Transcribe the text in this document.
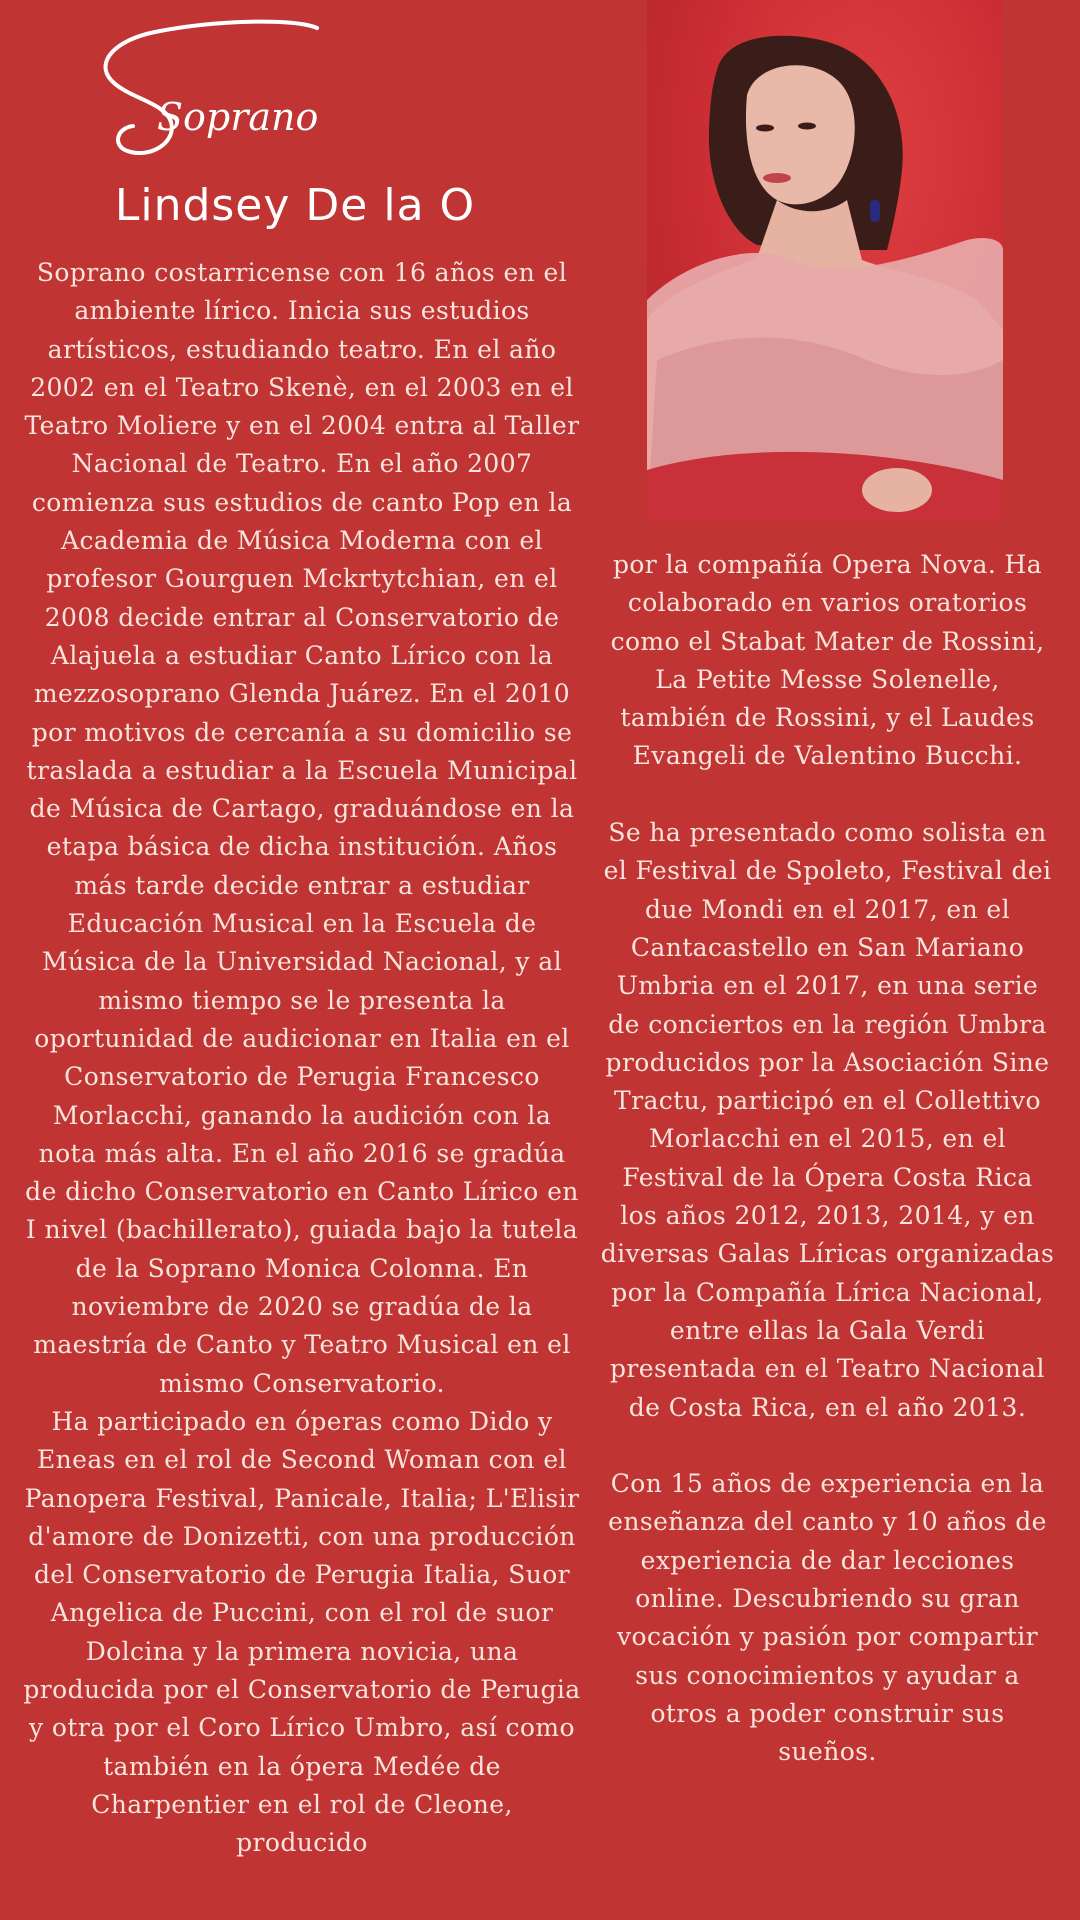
Soprano
Lindsey De la O

Soprano costarricense con 16 años en el ambiente lírico. Inicia sus estudios artísticos, estudiando teatro. En el año 2002 en el Teatro Skenè, en el 2003 en el Teatro Moliere y en el 2004 entra al Taller Nacional de Teatro. En el año 2007 comienza sus estudios de canto Pop en la Academia de Música Moderna con el profesor Gourguen Mckrtytchian, en el 2008 decide entrar al Conservatorio de Alajuela a estudiar Canto Lírico con la mezzosoprano Glenda Juárez. En el 2010 por motivos de cercanía a su domicilio se traslada a estudiar a la Escuela Municipal de Música de Cartago, graduándose en la etapa básica de dicha institución. Años más tarde decide entrar a estudiar Educación Musical en la Escuela de Música de la Universidad Nacional, y al mismo tiempo se le presenta la oportunidad de audicionar en Italia en el Conservatorio de Perugia Francesco Morlacchi, ganando la audición con la nota más alta. En el año 2016 se gradúa de dicho Conservatorio en Canto Lírico en I nivel (bachillerato), guiada bajo la tutela de la Soprano Monica Colonna. En noviembre de 2020 se gradúa de la maestría de Canto y Teatro Musical en el mismo Conservatorio.

Ha participado en óperas como Dido y Eneas en el rol de Second Woman con el Panopera Festival, Panicale, Italia; L'Elisir d'amore de Donizetti, con una producción del Conservatorio de Perugia Italia, Suor Angelica de Puccini, con el rol de suor Dolcina y la primera novicia, una producida por el Conservatorio de Perugia y otra por el Coro Lírico Umbro, así como también en la ópera Medée de Charpentier en el rol de Cleone, producido

por la compañía Opera Nova. Ha colaborado en varios oratorios como el Stabat Mater de Rossini, La Petite Messe Solenelle, también de Rossini, y el Laudes Evangeli de Valentino Bucchi.

Se ha presentado como solista en el Festival de Spoleto, Festival dei due Mondi en el 2017, en el Cantacastello en San Mariano Umbria en el 2017, en una serie de conciertos en la región Umbra producidos por la Asociación Sine Tractu, participó en el Collettivo Morlacchi en el 2015, en el Festival de la Ópera Costa Rica los años 2012, 2013, 2014, y en diversas Galas Líricas organizadas por la Compañía Lírica Nacional, entre ellas la Gala Verdi presentada en el Teatro Nacional de Costa Rica, en el año 2013.

Con 15 años de experiencia en la enseñanza del canto y 10 años de experiencia de dar lecciones online. Descubriendo su gran vocación y pasión por compartir sus conocimientos y ayudar a otros a poder construir sus sueños.
